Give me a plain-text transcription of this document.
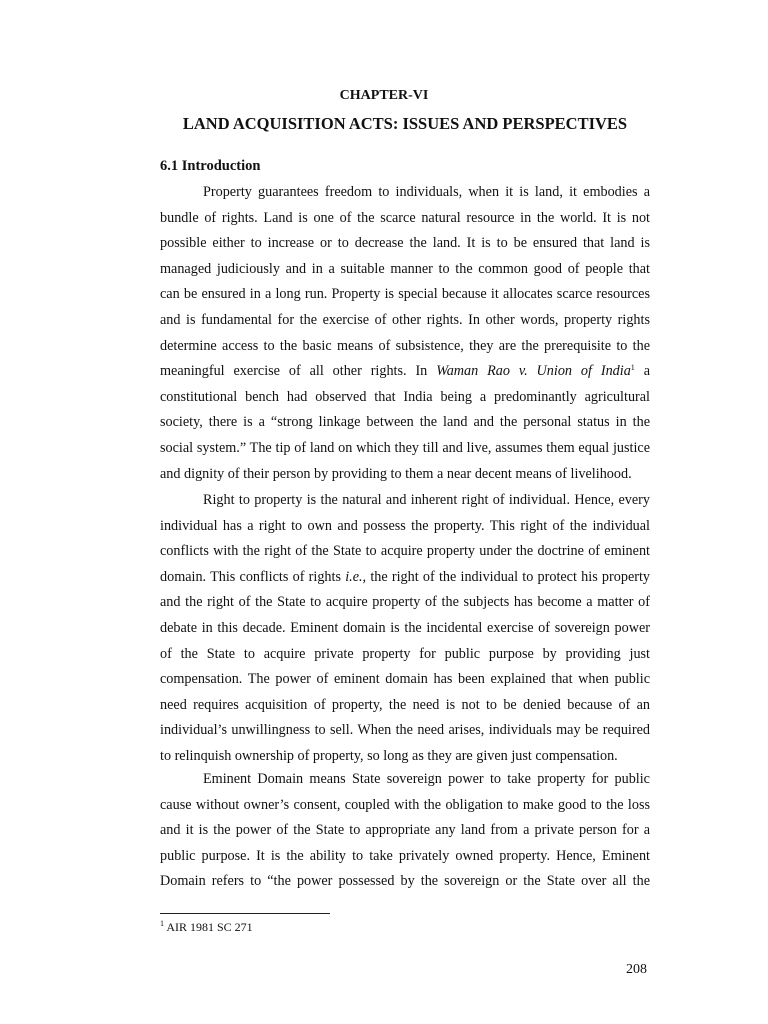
CHAPTER-VI

LAND ACQUISITION ACTS: ISSUES AND PERSPECTIVES

6.1 Introduction

Property guarantees freedom to individuals, when it is land, it embodies a
bundle of rights. Land is one of the scarce natural resource in the world. It is not
possible either to increase or to decrease the land. It is to be ensured that land is
managed judiciously and in a suitable manner to the common good of people that
can be ensured in a long run. Property is special because it allocates scarce resources
and is fundamental for the exercise of other rights. In other words, property rights
determine access to the basic means of subsistence, they are the prerequisite to the
meaningful exercise of all other rights. In Waman Rao v. Union of India$^1$ a
constitutional bench had observed that India being a predominantly agricultural
society, there is a “strong linkage between the land and the personal status in the
social system.” The tip of land on which they till and live, assumes them equal justice
and dignity of their person by providing to them a near decent means of livelihood.

Right to property is the natural and inherent right of individual. Hence, every
individual has a right to own and possess the property. This right of the individual
conflicts with the right of the State to acquire property under the doctrine of eminent
domain. This conflicts of rights i.e., the right of the individual to protect his property
and the right of the State to acquire property of the subjects has become a matter of
debate in this decade. Eminent domain is the incidental exercise of sovereign power
of the State to acquire private property for public purpose by providing just
compensation. The power of eminent domain has been explained that when public
need requires acquisition of property, the need is not to be denied because of an
individual’s unwillingness to sell. When the need arises, individuals may be required
to relinquish ownership of property, so long as they are given just compensation.

Eminent Domain means State sovereign power to take property for public
cause without owner’s consent, coupled with the obligation to make good to the loss
and it is the power of the State to appropriate any land from a private person for a
public purpose. It is the ability to take privately owned property. Hence, Eminent
Domain refers to “the power possessed by the sovereign or the State over all the

$^1$ AIR 1981 SC 271
208
